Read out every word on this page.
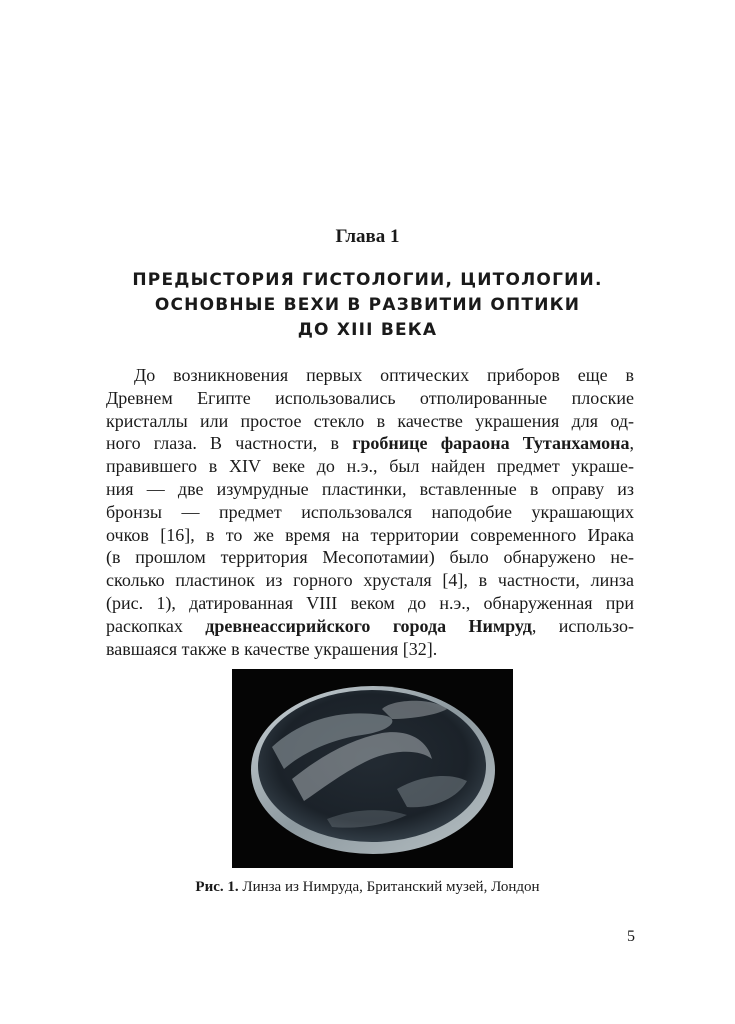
Глава 1
ПРЕДЫСТОРИЯ ГИСТОЛОГИИ, ЦИТОЛОГИИ.
ОСНОВНЫЕ ВЕХИ В РАЗВИТИИ ОПТИКИ
ДО XIII ВЕКА
До возникновения первых оптических приборов еще в
Древнем Египте использовались отполированные плоские
кристаллы или простое стекло в качестве украшения для од-
ного глаза. В частности, в гробнице фараона Тутанхамона,
правившего в XIV веке до н.э., был найден предмет украше-
ния — две изумрудные пластинки, вставленные в оправу из
бронзы — предмет использовался наподобие украшающих
очков [16], в то же время на территории современного Ирака
(в прошлом территория Месопотамии) было обнаружено не-
сколько пластинок из горного хрусталя [4], в частности, линза
(рис. 1), датированная VIII веком до н.э., обнаруженная при
раскопках древнеассирийского города Нимруд, использо-
вавшаяся также в качестве украшения [32].
Рис. 1. Линза из Нимруда, Британский музей, Лондон
5
